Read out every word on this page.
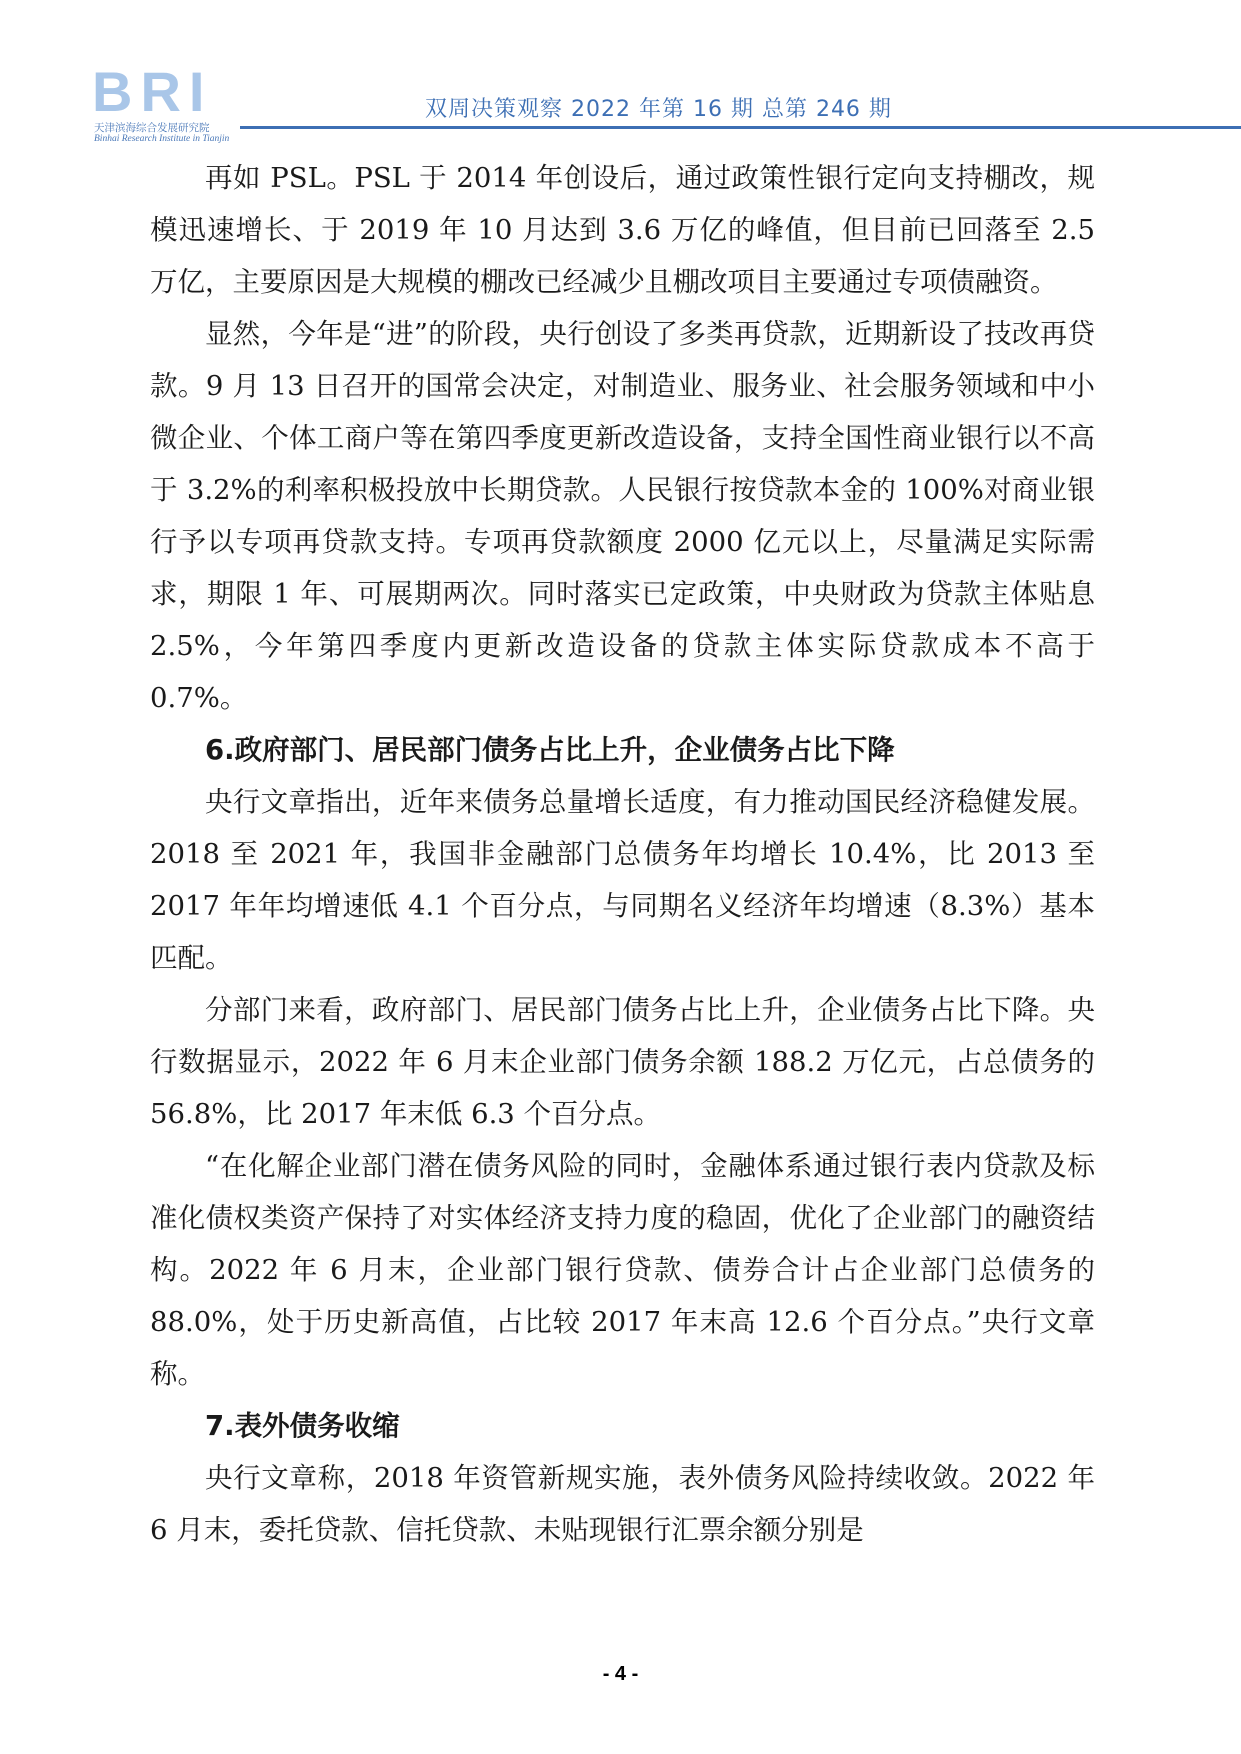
BRI
天津滨海综合发展研究院
Binhai Research Institute in Tianjin
双周决策观察 2022 年第 16 期 总第 246 期

再如 PSL。PSL 于 2014 年创设后，通过政策性银行定向支持棚改，规模迅速增长、于 2019 年 10 月达到 3.6 万亿的峰值，但目前已回落至 2.5 万亿，主要原因是大规模的棚改已经减少且棚改项目主要通过专项债融资。

显然，今年是“进”的阶段，央行创设了多类再贷款，近期新设了技改再贷款。9 月 13 日召开的国常会决定，对制造业、服务业、社会服务领域和中小微企业、个体工商户等在第四季度更新改造设备，支持全国性商业银行以不高于 3.2%的利率积极投放中长期贷款。人民银行按贷款本金的 100%对商业银行予以专项再贷款支持。专项再贷款额度 2000 亿元以上，尽量满足实际需求，期限 1 年、可展期两次。同时落实已定政策，中央财政为贷款主体贴息 2.5%，今年第四季度内更新改造设备的贷款主体实际贷款成本不高于 0.7%。

6.政府部门、居民部门债务占比上升，企业债务占比下降

央行文章指出，近年来债务总量增长适度，有力推动国民经济稳健发展。2018 至 2021 年，我国非金融部门总债务年均增长 10.4%，比 2013 至 2017 年年均增速低 4.1 个百分点，与同期名义经济年均增速（8.3%）基本匹配。

分部门来看，政府部门、居民部门债务占比上升，企业债务占比下降。央行数据显示，2022 年 6 月末企业部门债务余额 188.2 万亿元，占总债务的 56.8%，比 2017 年末低 6.3 个百分点。

“在化解企业部门潜在债务风险的同时，金融体系通过银行表内贷款及标准化债权类资产保持了对实体经济支持力度的稳固，优化了企业部门的融资结构。2022 年 6 月末，企业部门银行贷款、债券合计占企业部门总债务的 88.0%，处于历史新高值，占比较 2017 年末高 12.6 个百分点。”央行文章称。

7.表外债务收缩

央行文章称，2018 年资管新规实施，表外债务风险持续收敛。2022 年 6 月末，委托贷款、信托贷款、未贴现银行汇票余额分别是

- 4 -
